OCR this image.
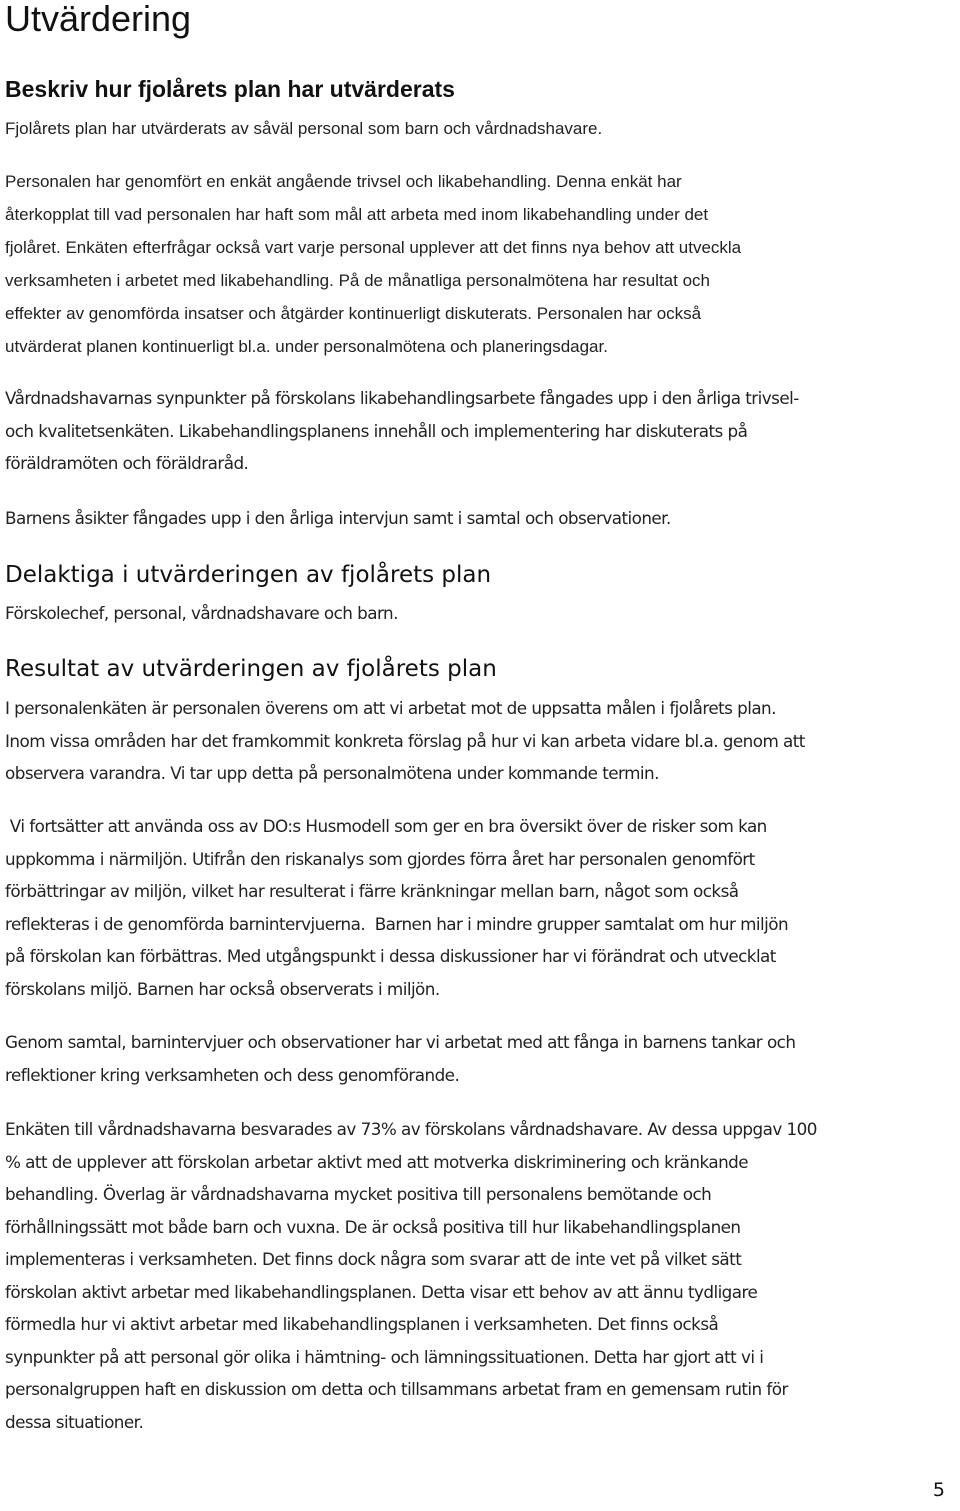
Utvärdering
Beskriv hur fjolårets plan har utvärderats
Fjolårets plan har utvärderats av såväl personal som barn och vårdnadshavare.
Personalen har genomfört en enkät angående trivsel och likabehandling. Denna enkät har
återkopplat till vad personalen har haft som mål att arbeta med inom likabehandling under det
fjolåret. Enkäten efterfrågar också vart varje personal upplever att det finns nya behov att utveckla
verksamheten i arbetet med likabehandling. På de månatliga personalmötena har resultat och
effekter av genomförda insatser och åtgärder kontinuerligt diskuterats. Personalen har också
utvärderat planen kontinuerligt bl.a. under personalmötena och planeringsdagar.
Vårdnadshavarnas synpunkter på förskolans likabehandlingsarbete fångades upp i den årliga trivsel-
och kvalitetsenkäten. Likabehandlingsplanens innehåll och implementering har diskuterats på
föräldramöten och föräldraråd.
Barnens åsikter fångades upp i den årliga intervjun samt i samtal och observationer.
Delaktiga i utvärderingen av fjolårets plan
Förskolechef, personal, vårdnadshavare och barn.
Resultat av utvärderingen av fjolårets plan
I personalenkäten är personalen överens om att vi arbetat mot de uppsatta målen i fjolårets plan.
Inom vissa områden har det framkommit konkreta förslag på hur vi kan arbeta vidare bl.a. genom att
observera varandra. Vi tar upp detta på personalmötena under kommande termin.
Vi fortsätter att använda oss av DO:s Husmodell som ger en bra översikt över de risker som kan
uppkomma i närmiljön. Utifrån den riskanalys som gjordes förra året har personalen genomfört
förbättringar av miljön, vilket har resulterat i färre kränkningar mellan barn, något som också
reflekteras i de genomförda barnintervjuerna.  Barnen har i mindre grupper samtalat om hur miljön
på förskolan kan förbättras. Med utgångspunkt i dessa diskussioner har vi förändrat och utvecklat
förskolans miljö. Barnen har också observerats i miljön.
Genom samtal, barnintervjuer och observationer har vi arbetat med att fånga in barnens tankar och
reflektioner kring verksamheten och dess genomförande.
Enkäten till vårdnadshavarna besvarades av 73% av förskolans vårdnadshavare. Av dessa uppgav 100
% att de upplever att förskolan arbetar aktivt med att motverka diskriminering och kränkande
behandling. Överlag är vårdnadshavarna mycket positiva till personalens bemötande och
förhållningssätt mot både barn och vuxna. De är också positiva till hur likabehandlingsplanen
implementeras i verksamheten. Det finns dock några som svarar att de inte vet på vilket sätt
förskolan aktivt arbetar med likabehandlingsplanen. Detta visar ett behov av att ännu tydligare
förmedla hur vi aktivt arbetar med likabehandlingsplanen i verksamheten. Det finns också
synpunkter på att personal gör olika i hämtning- och lämningssituationen. Detta har gjort att vi i
personalgruppen haft en diskussion om detta och tillsammans arbetat fram en gemensam rutin för
dessa situationer.
5
